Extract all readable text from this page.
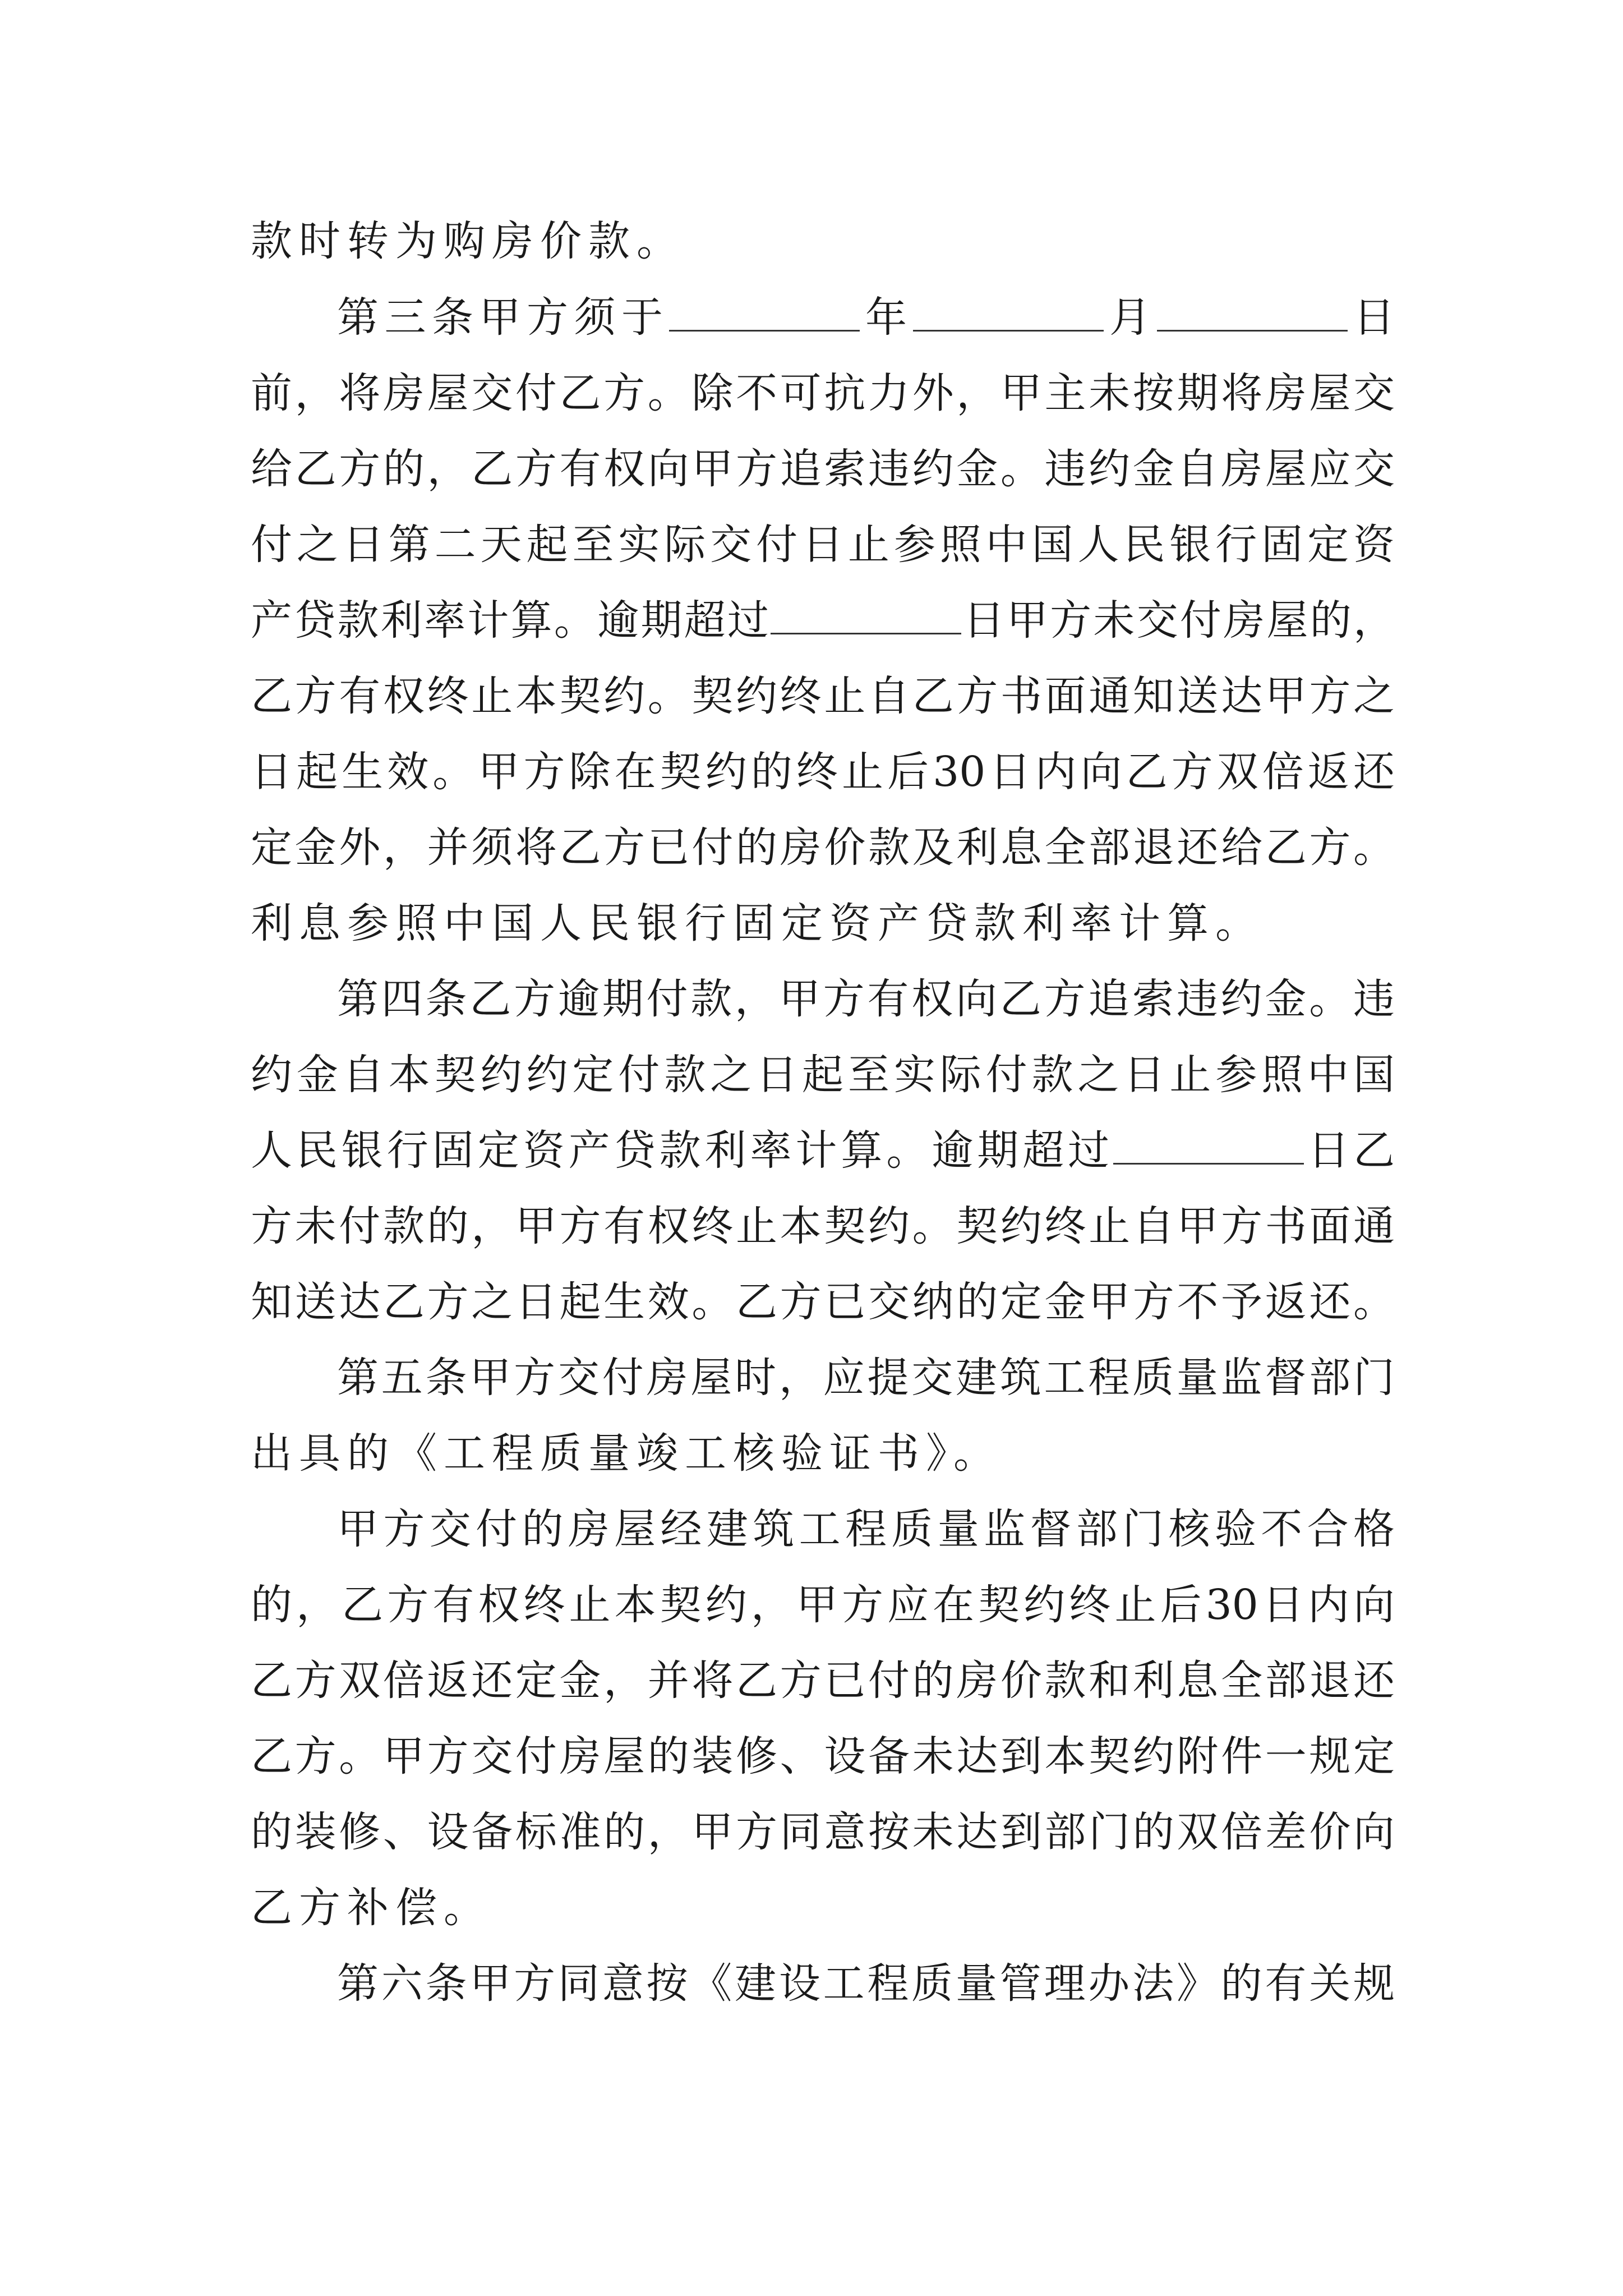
款时转为购房价款。
第三条甲方须于	年	月	日
前，将房屋交付乙方。除不可抗力外，甲主未按期将房屋交
给乙方的，乙方有权向甲方追索违约金。违约金自房屋应交
付之日第二天起至实际交付日止参照中国人民银行固定资
产贷款利率计算。逾期超过	日甲方未交付房屋的，
乙方有权终止本契约。契约终止自乙方书面通知送达甲方之
日起生效。甲方除在契约的终止后30日内向乙方双倍返还
定金外，并须将乙方已付的房价款及利息全部退还给乙方。
利息参照中国人民银行固定资产贷款利率计算。
第四条乙方逾期付款，甲方有权向乙方追索违约金。违
约金自本契约约定付款之日起至实际付款之日止参照中国
人民银行固定资产贷款利率计算。逾期超过	日乙
方未付款的，甲方有权终止本契约。契约终止自甲方书面通
知送达乙方之日起生效。乙方已交纳的定金甲方不予返还。
第五条甲方交付房屋时，应提交建筑工程质量监督部门
出具的《工程质量竣工核验证书》。
甲方交付的房屋经建筑工程质量监督部门核验不合格
的，乙方有权终止本契约，甲方应在契约终止后30日内向
乙方双倍返还定金，并将乙方已付的房价款和利息全部退还
乙方。甲方交付房屋的装修、设备未达到本契约附件一规定
的装修、设备标准的，甲方同意按未达到部门的双倍差价向
乙方补偿。
第六条甲方同意按《建设工程质量管理办法》的有关规
